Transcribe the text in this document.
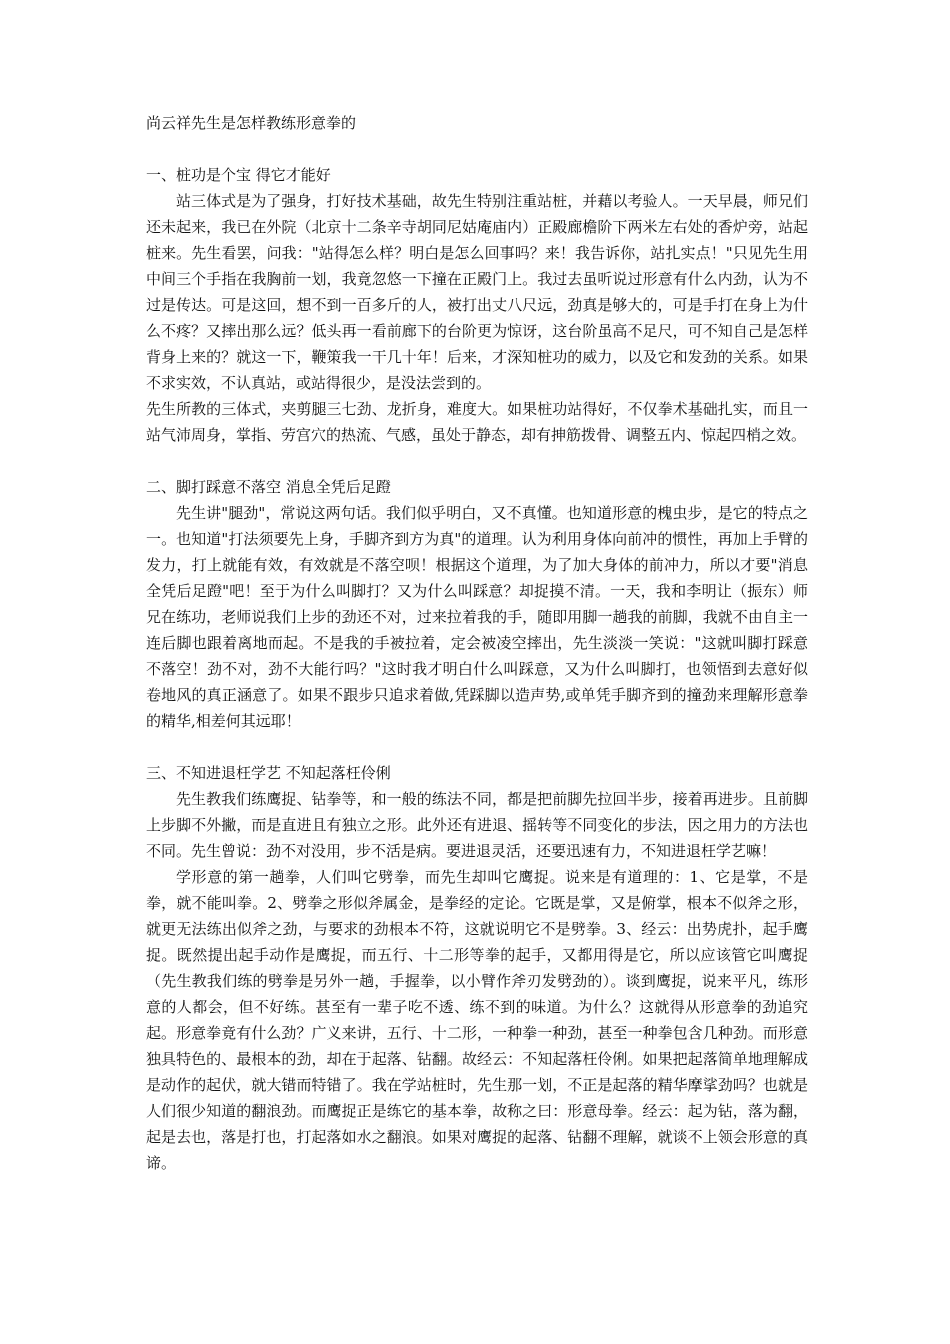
尚云祥先生是怎样教练形意拳的

一、桩功是个宝 得它才能好

站三体式是为了强身，打好技术基础，故先生特别注重站桩，并藉以考验人。一天早晨，师兄们还未起来，我已在外院（北京十二条辛寺胡同尼姑庵庙内）正殿廊檐阶下两米左右处的香炉旁，站起桩来。先生看罢，问我："站得怎么样？明白是怎么回事吗？来！我告诉你，站扎实点！"只见先生用中间三个手指在我胸前一划，我竟忽悠一下撞在正殿门上。我过去虽听说过形意有什么内劲，认为不过是传达。可是这回，想不到一百多斤的人，被打出丈八尺远，劲真是够大的，可是手打在身上为什么不疼？又摔出那么远？低头再一看前廊下的台阶更为惊讶，这台阶虽高不足尺，可不知自己是怎样背身上来的？就这一下，鞭策我一干几十年！后来，才深知桩功的威力，以及它和发劲的关系。如果不求实效，不认真站，或站得很少，是没法尝到的。

先生所教的三体式，夹剪腿三七劲、龙折身，难度大。如果桩功站得好，不仅拳术基础扎实，而且一站气沛周身，掌指、劳宫穴的热流、气感，虽处于静态，却有抻筋拨骨、调整五内、惊起四梢之效。

二、脚打踩意不落空 消息全凭后足蹬

先生讲"腿劲"，常说这两句话。我们似乎明白，又不真懂。也知道形意的槐虫步，是它的特点之一。也知道"打法须要先上身，手脚齐到方为真"的道理。认为利用身体向前冲的惯性，再加上手臂的发力，打上就能有效，有效就是不落空呗！根据这个道理，为了加大身体的前冲力，所以才要"消息全凭后足蹬"吧！至于为什么叫脚打？又为什么叫踩意？却捉摸不清。一天，我和李明让（振东）师兄在练功，老师说我们上步的劲还不对，过来拉着我的手，随即用脚一趟我的前脚，我就不由自主一连后脚也跟着离地而起。不是我的手被拉着，定会被凌空摔出，先生淡淡一笑说："这就叫脚打踩意不落空！劲不对，劲不大能行吗？"这时我才明白什么叫踩意，又为什么叫脚打，也领悟到去意好似卷地风的真正涵意了。如果不跟步只追求着做,凭踩脚以造声势,或单凭手脚齐到的撞劲来理解形意拳的精华,相差何其远耶！

三、不知进退枉学艺 不知起落枉伶俐

先生教我们练鹰捉、钻拳等，和一般的练法不同，都是把前脚先拉回半步，接着再进步。且前脚上步脚不外撇，而是直进且有独立之形。此外还有进退、摇转等不同变化的步法，因之用力的方法也不同。先生曾说：劲不对没用，步不活是病。要进退灵活，还要迅速有力，不知进退枉学艺嘛！

学形意的第一趟拳，人们叫它劈拳，而先生却叫它鹰捉。说来是有道理的：1、它是掌，不是拳，就不能叫拳。2、劈拳之形似斧属金，是拳经的定论。它既是掌，又是俯掌，根本不似斧之形，就更无法练出似斧之劲，与要求的劲根本不符，这就说明它不是劈拳。3、经云：出势虎扑，起手鹰捉。既然提出起手动作是鹰捉，而五行、十二形等拳的起手，又都用得是它，所以应该管它叫鹰捉（先生教我们练的劈拳是另外一趟，手握拳，以小臂作斧刃发劈劲的）。谈到鹰捉，说来平凡，练形意的人都会，但不好练。甚至有一辈子吃不透、练不到的味道。为什么？这就得从形意拳的劲追究起。形意拳竟有什么劲？广义来讲，五行、十二形，一种拳一种劲，甚至一种拳包含几种劲。而形意独具特色的、最根本的劲，却在于起落、钻翻。故经云：不知起落枉伶俐。如果把起落简单地理解成是动作的起伏，就大错而特错了。我在学站桩时，先生那一划，不正是起落的精华摩挲劲吗？也就是人们很少知道的翻浪劲。而鹰捉正是练它的基本拳，故称之曰：形意母拳。经云：起为钻，落为翻，起是去也，落是打也，打起落如水之翻浪。如果对鹰捉的起落、钻翻不理解，就谈不上领会形意的真谛。
